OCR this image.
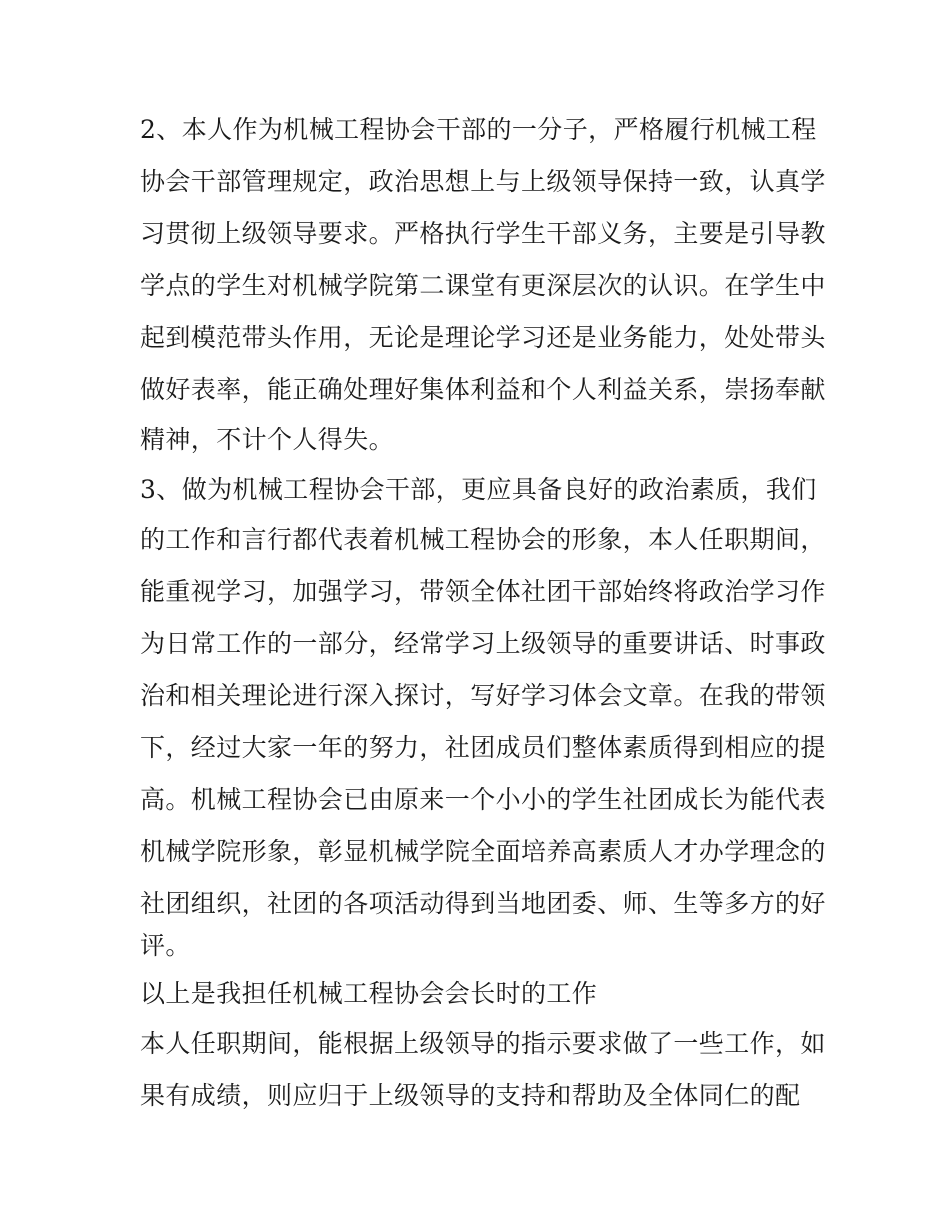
2、本人作为机械工程协会干部的一分子，严格履行机械工程

协会干部管理规定，政治思想上与上级领导保持一致，认真学

习贯彻上级领导要求。严格执行学生干部义务，主要是引导教

学点的学生对机械学院第二课堂有更深层次的认识。在学生中

起到模范带头作用，无论是理论学习还是业务能力，处处带头

做好表率，能正确处理好集体利益和个人利益关系，崇扬奉献

精神，不计个人得失。

3、做为机械工程协会干部，更应具备良好的政治素质，我们

的工作和言行都代表着机械工程协会的形象，本人任职期间，

能重视学习，加强学习，带领全体社团干部始终将政治学习作

为日常工作的一部分，经常学习上级领导的重要讲话、时事政

治和相关理论进行深入探讨，写好学习体会文章。在我的带领

下，经过大家一年的努力，社团成员们整体素质得到相应的提

高。机械工程协会已由原来一个小小的学生社团成长为能代表

机械学院形象，彰显机械学院全面培养高素质人才办学理念的

社团组织，社团的各项活动得到当地团委、师、生等多方的好

评。

以上是我担任机械工程协会会长时的工作

本人任职期间，能根据上级领导的指示要求做了一些工作，如

果有成绩，则应归于上级领导的支持和帮助及全体同仁的配
